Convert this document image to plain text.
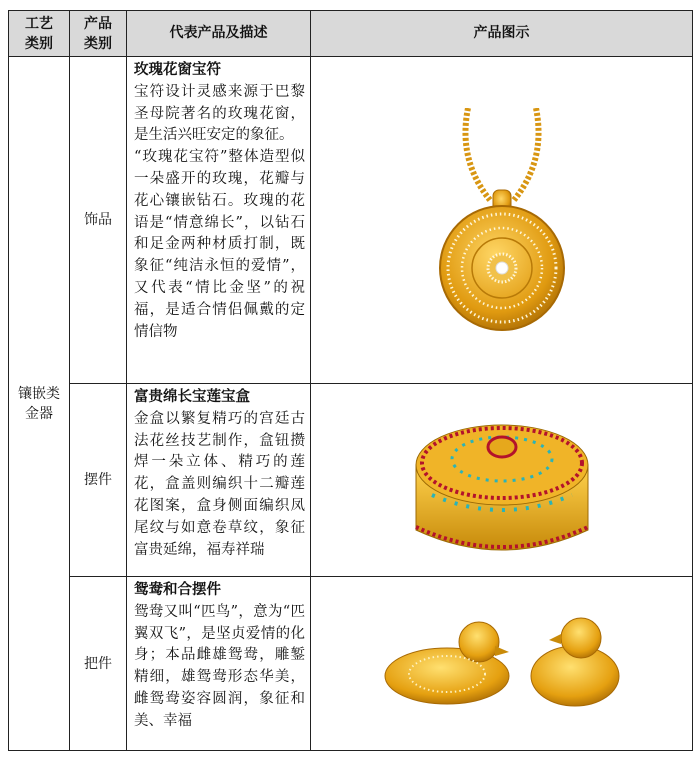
工艺类别	产品类别	代表产品及描述	产品图示
镶嵌类金器	饰品	玫瑰花窗宝符

宝符设计灵感来源于巴黎圣母院著名的玫瑰花窗，是生活兴旺安定的象征。

“玫瑰花宝符”整体造型似一朵盛开的玫瑰，花瓣与花心镶嵌钻石。玫瑰的花语是“情意绵长”，以钻石和足金两种材质打制，既象征“纯洁永恒的爱情”，又代表“情比金坚”的祝福，是适合情侣佩戴的定情信物

	摆件	富贵绵长宝莲宝盒

金盒以繁复精巧的宫廷古法花丝技艺制作，盒钮攒焊一朵立体、精巧的莲花，盒盖则编织十二瓣莲花图案，盒身侧面编织凤尾纹与如意卷草纹，象征富贵延绵，福寿祥瑞

	把件	鸳鸯和合摆件

鸳鸯又叫“匹鸟”，意为“匹翼双飞”，是坚贞爱情的化身；本品雌雄鸳鸯，雕錾精细，雄鸳鸯形态华美，雌鸳鸯姿容圆润，象征和美、幸福
